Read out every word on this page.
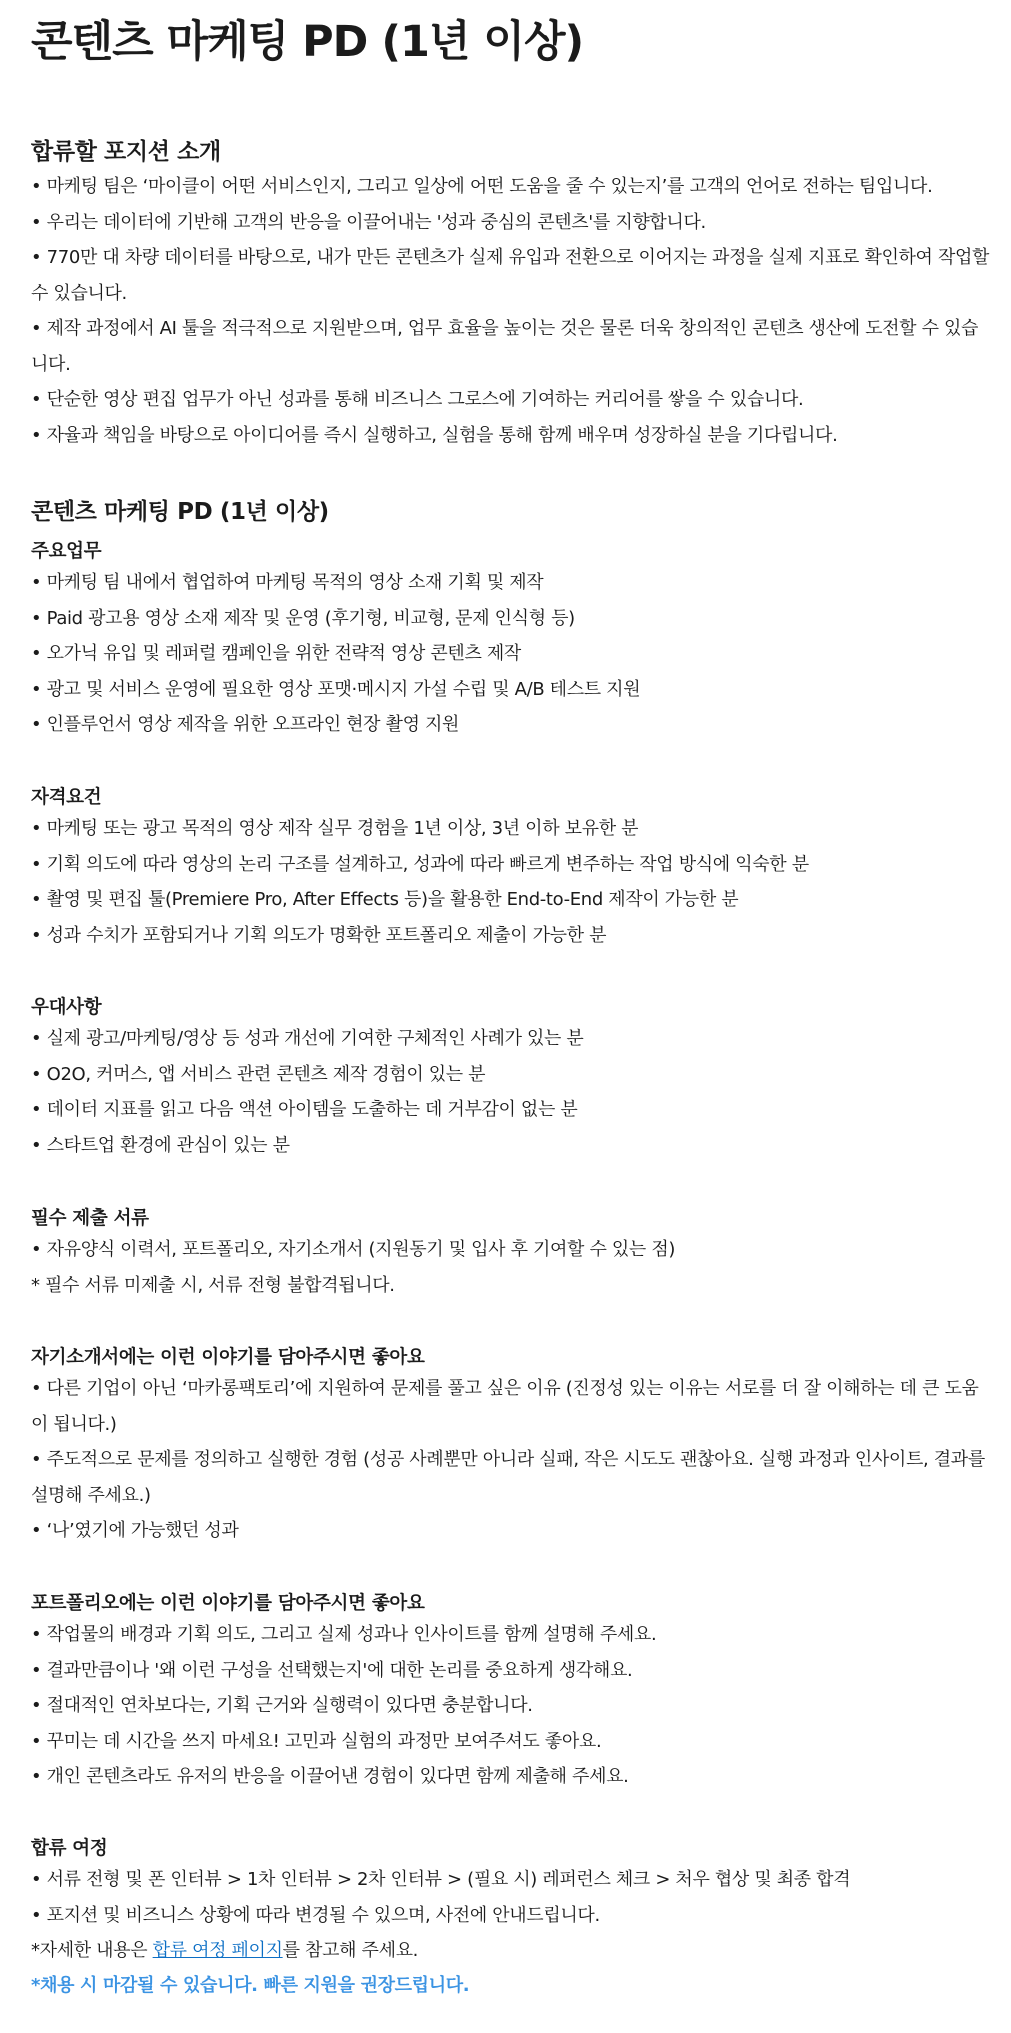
콘텐츠 마케팅 PD (1년 이상)
합류할 포지션 소개
• 마케팅 팀은 ‘마이클이 어떤 서비스인지, 그리고 일상에 어떤 도움을 줄 수 있는지’를 고객의 언어로 전하는 팀입니다.
• 우리는 데이터에 기반해 고객의 반응을 이끌어내는 '성과 중심의 콘텐츠'를 지향합니다.
• 770만 대 차량 데이터를 바탕으로, 내가 만든 콘텐츠가 실제 유입과 전환으로 이어지는 과정을 실제 지표로 확인하여 작업할 수 있습니다.
• 제작 과정에서 AI 툴을 적극적으로 지원받으며, 업무 효율을 높이는 것은 물론 더욱 창의적인 콘텐츠 생산에 도전할 수 있습니다.
• 단순한 영상 편집 업무가 아닌 성과를 통해 비즈니스 그로스에 기여하는 커리어를 쌓을 수 있습니다.
• 자율과 책임을 바탕으로 아이디어를 즉시 실행하고, 실험을 통해 함께 배우며 성장하실 분을 기다립니다.
콘텐츠 마케팅 PD (1년 이상)
주요업무
• 마케팅 팀 내에서 협업하여 마케팅 목적의 영상 소재 기획 및 제작
• Paid 광고용 영상 소재 제작 및 운영 (후기형, 비교형, 문제 인식형 등)
• 오가닉 유입 및 레퍼럴 캠페인을 위한 전략적 영상 콘텐츠 제작
• 광고 및 서비스 운영에 필요한 영상 포맷·메시지 가설 수립 및 A/B 테스트 지원
• 인플루언서 영상 제작을 위한 오프라인 현장 촬영 지원
자격요건
• 마케팅 또는 광고 목적의 영상 제작 실무 경험을 1년 이상, 3년 이하 보유한 분
• 기획 의도에 따라 영상의 논리 구조를 설계하고, 성과에 따라 빠르게 변주하는 작업 방식에 익숙한 분
• 촬영 및 편집 툴(Premiere Pro, After Effects 등)을 활용한 End-to-End 제작이 가능한 분
• 성과 수치가 포함되거나 기획 의도가 명확한 포트폴리오 제출이 가능한 분
우대사항
• 실제 광고/마케팅/영상 등 성과 개선에 기여한 구체적인 사례가 있는 분
• O2O, 커머스, 앱 서비스 관련 콘텐츠 제작 경험이 있는 분
• 데이터 지표를 읽고 다음 액션 아이템을 도출하는 데 거부감이 없는 분
• 스타트업 환경에 관심이 있는 분
필수 제출 서류
• 자유양식 이력서, 포트폴리오, 자기소개서 (지원동기 및 입사 후 기여할 수 있는 점)
* 필수 서류 미제출 시, 서류 전형 불합격됩니다.
자기소개서에는 이런 이야기를 담아주시면 좋아요
• 다른 기업이 아닌 ‘마카롱팩토리’에 지원하여 문제를 풀고 싶은 이유 (진정성 있는 이유는 서로를 더 잘 이해하는 데 큰 도움이 됩니다.)
• 주도적으로 문제를 정의하고 실행한 경험 (성공 사례뿐만 아니라 실패, 작은 시도도 괜찮아요. 실행 과정과 인사이트, 결과를 설명해 주세요.)
• ‘나’였기에 가능했던 성과
포트폴리오에는 이런 이야기를 담아주시면 좋아요
• 작업물의 배경과 기획 의도, 그리고 실제 성과나 인사이트를 함께 설명해 주세요.
• 결과만큼이나 '왜 이런 구성을 선택했는지'에 대한 논리를 중요하게 생각해요.
• 절대적인 연차보다는, 기획 근거와 실행력이 있다면 충분합니다.
• 꾸미는 데 시간을 쓰지 마세요! 고민과 실험의 과정만 보여주셔도 좋아요.
• 개인 콘텐츠라도 유저의 반응을 이끌어낸 경험이 있다면 함께 제출해 주세요.
합류 여정
• 서류 전형 및 폰 인터뷰 > 1차 인터뷰 > 2차 인터뷰 > (필요 시) 레퍼런스 체크 > 처우 협상 및 최종 합격
• 포지션 및 비즈니스 상황에 따라 변경될 수 있으며, 사전에 안내드립니다.
*자세한 내용은 합류 여정 페이지를 참고해 주세요.
*채용 시 마감될 수 있습니다. 빠른 지원을 권장드립니다.
